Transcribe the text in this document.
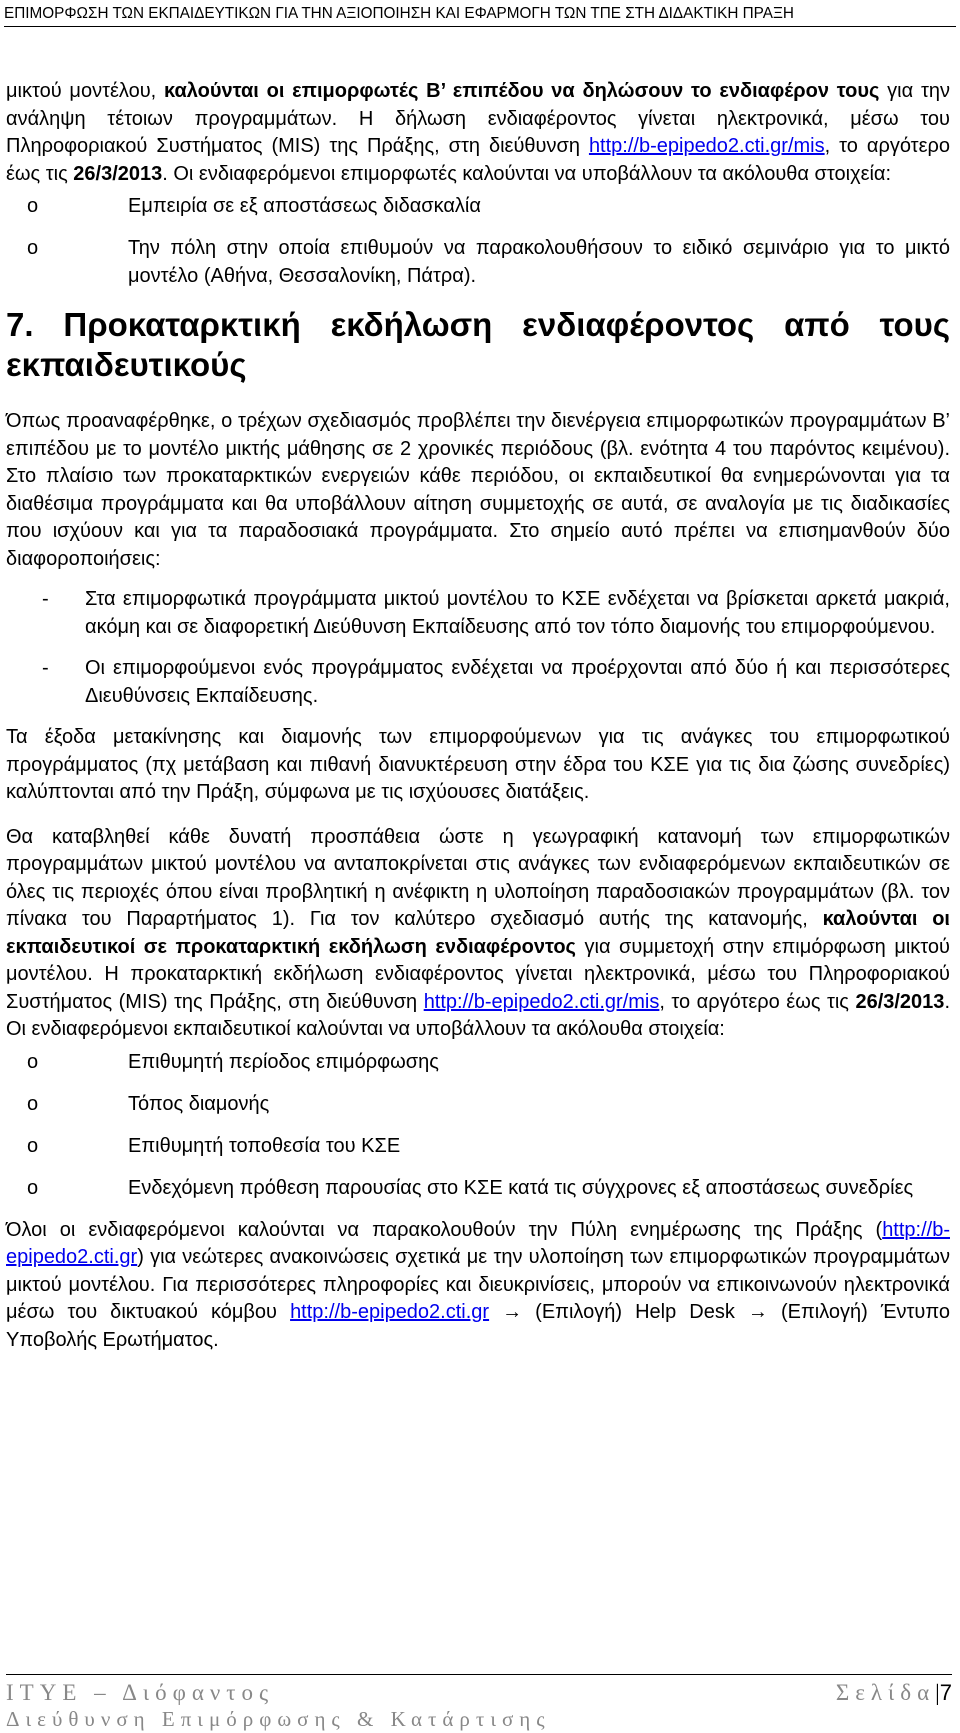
ΕΠΙΜΟΡΦΩΣΗ ΤΩΝ ΕΚΠΑΙΔΕΥΤΙΚΩΝ ΓΙΑ ΤΗΝ ΑΞΙΟΠΟΙΗΣΗ ΚΑΙ ΕΦΑΡΜΟΓΗ ΤΩΝ ΤΠΕ ΣΤΗ ΔΙΔΑΚΤΙΚΗ ΠΡΑΞΗ

μικτού μοντέλου, καλούνται οι επιμορφωτές Β’ επιπέδου να δηλώσουν το ενδιαφέρον τους για την ανάληψη τέτοιων προγραμμάτων. Η δήλωση ενδιαφέροντος γίνεται ηλεκτρονικά, μέσω του Πληροφοριακού Συστήματος (MIS) της Πράξης, στη διεύθυνση http://b-epipedo2.cti.gr/mis, το αργότερο έως τις 26/3/2013. Οι ενδιαφερόμενοι επιμορφωτές καλούνται να υποβάλλουν τα ακόλουθα στοιχεία:

o	Εμπειρία σε εξ αποστάσεως διδασκαλία
o	Την πόλη στην οποία επιθυμούν να παρακολουθήσουν το ειδικό σεμινάριο για το μικτό μοντέλο (Αθήνα, Θεσσαλονίκη, Πάτρα).
7. Προκαταρκτική εκδήλωση ενδιαφέροντος από τους εκπαιδευτικούς

Όπως προαναφέρθηκε, ο τρέχων σχεδιασμός προβλέπει την διενέργεια επιμορφωτικών προγραμμάτων Β’ επιπέδου με το μοντέλο μικτής μάθησης σε 2 χρονικές περιόδους (βλ. ενότητα 4 του παρόντος κειμένου). Στο πλαίσιο των προκαταρκτικών ενεργειών κάθε περιόδου, οι εκπαιδευτικοί θα ενημερώνονται για τα διαθέσιμα προγράμματα και θα υποβάλλουν αίτηση συμμετοχής σε αυτά, σε αναλογία με τις διαδικασίες που ισχύουν και για τα παραδοσιακά προγράμματα. Στο σημείο αυτό πρέπει να επισημανθούν δύο διαφοροποιήσεις:

- Στα επιμορφωτικά προγράμματα μικτού μοντέλου το ΚΣΕ ενδέχεται να βρίσκεται αρκετά μακριά, ακόμη και σε διαφορετική Διεύθυνση Εκπαίδευσης από τον τόπο διαμονής του επιμορφούμενου.
- Οι επιμορφούμενοι ενός προγράμματος ενδέχεται να προέρχονται από δύο ή και περισσότερες Διευθύνσεις Εκπαίδευσης.

Τα έξοδα μετακίνησης και διαμονής των επιμορφούμενων για τις ανάγκες του επιμορφωτικού προγράμματος (πχ μετάβαση και πιθανή διανυκτέρευση στην έδρα του ΚΣΕ για τις δια ζώσης συνεδρίες) καλύπτονται από την Πράξη, σύμφωνα με τις ισχύουσες διατάξεις.

Θα καταβληθεί κάθε δυνατή προσπάθεια ώστε η γεωγραφική κατανομή των επιμορφωτικών προγραμμάτων μικτού μοντέλου να ανταποκρίνεται στις ανάγκες των ενδιαφερόμενων εκπαιδευτικών σε όλες τις περιοχές όπου είναι προβλητική η ανέφικτη η υλοποίηση παραδοσιακών προγραμμάτων (βλ. τον πίνακα του Παραρτήματος 1). Για τον καλύτερο σχεδιασμό αυτής της κατανομής, καλούνται οι εκπαιδευτικοί σε προκαταρκτική εκδήλωση ενδιαφέροντος για συμμετοχή στην επιμόρφωση μικτού μοντέλου. Η προκαταρκτική εκδήλωση ενδιαφέροντος γίνεται ηλεκτρονικά, μέσω του Πληροφοριακού Συστήματος (MIS) της Πράξης, στη διεύθυνση http://b-epipedo2.cti.gr/mis, το αργότερο έως τις 26/3/2013. Οι ενδιαφερόμενοι εκπαιδευτικοί καλούνται να υποβάλλουν τα ακόλουθα στοιχεία:

o	Επιθυμητή περίοδος επιμόρφωσης
o	Τόπος διαμονής
o	Επιθυμητή τοποθεσία του ΚΣΕ
o	Ενδεχόμενη πρόθεση παρουσίας στο ΚΣΕ κατά τις σύγχρονες εξ αποστάσεως συνεδρίες

Όλοι οι ενδιαφερόμενοι καλούνται να παρακολουθούν την Πύλη ενημέρωσης της Πράξης (http://b-epipedo2.cti.gr) για νεώτερες ανακοινώσεις σχετικά με την υλοποίηση των επιμορφωτικών προγραμμάτων μικτού μοντέλου. Για περισσότερες πληροφορίες και διευκρινίσεις, μπορούν να επικοινωνούν ηλεκτρονικά μέσω του δικτυακού κόμβου http://b-epipedo2.cti.gr → (Επιλογή) Help Desk → (Επιλογή) Έντυπο Υποβολής Ερωτήματος.

ΙΤΥΕ – Διόφαντος	Σελίδα|7
Διεύθυνση Επιμόρφωσης & Κατάρτισης
